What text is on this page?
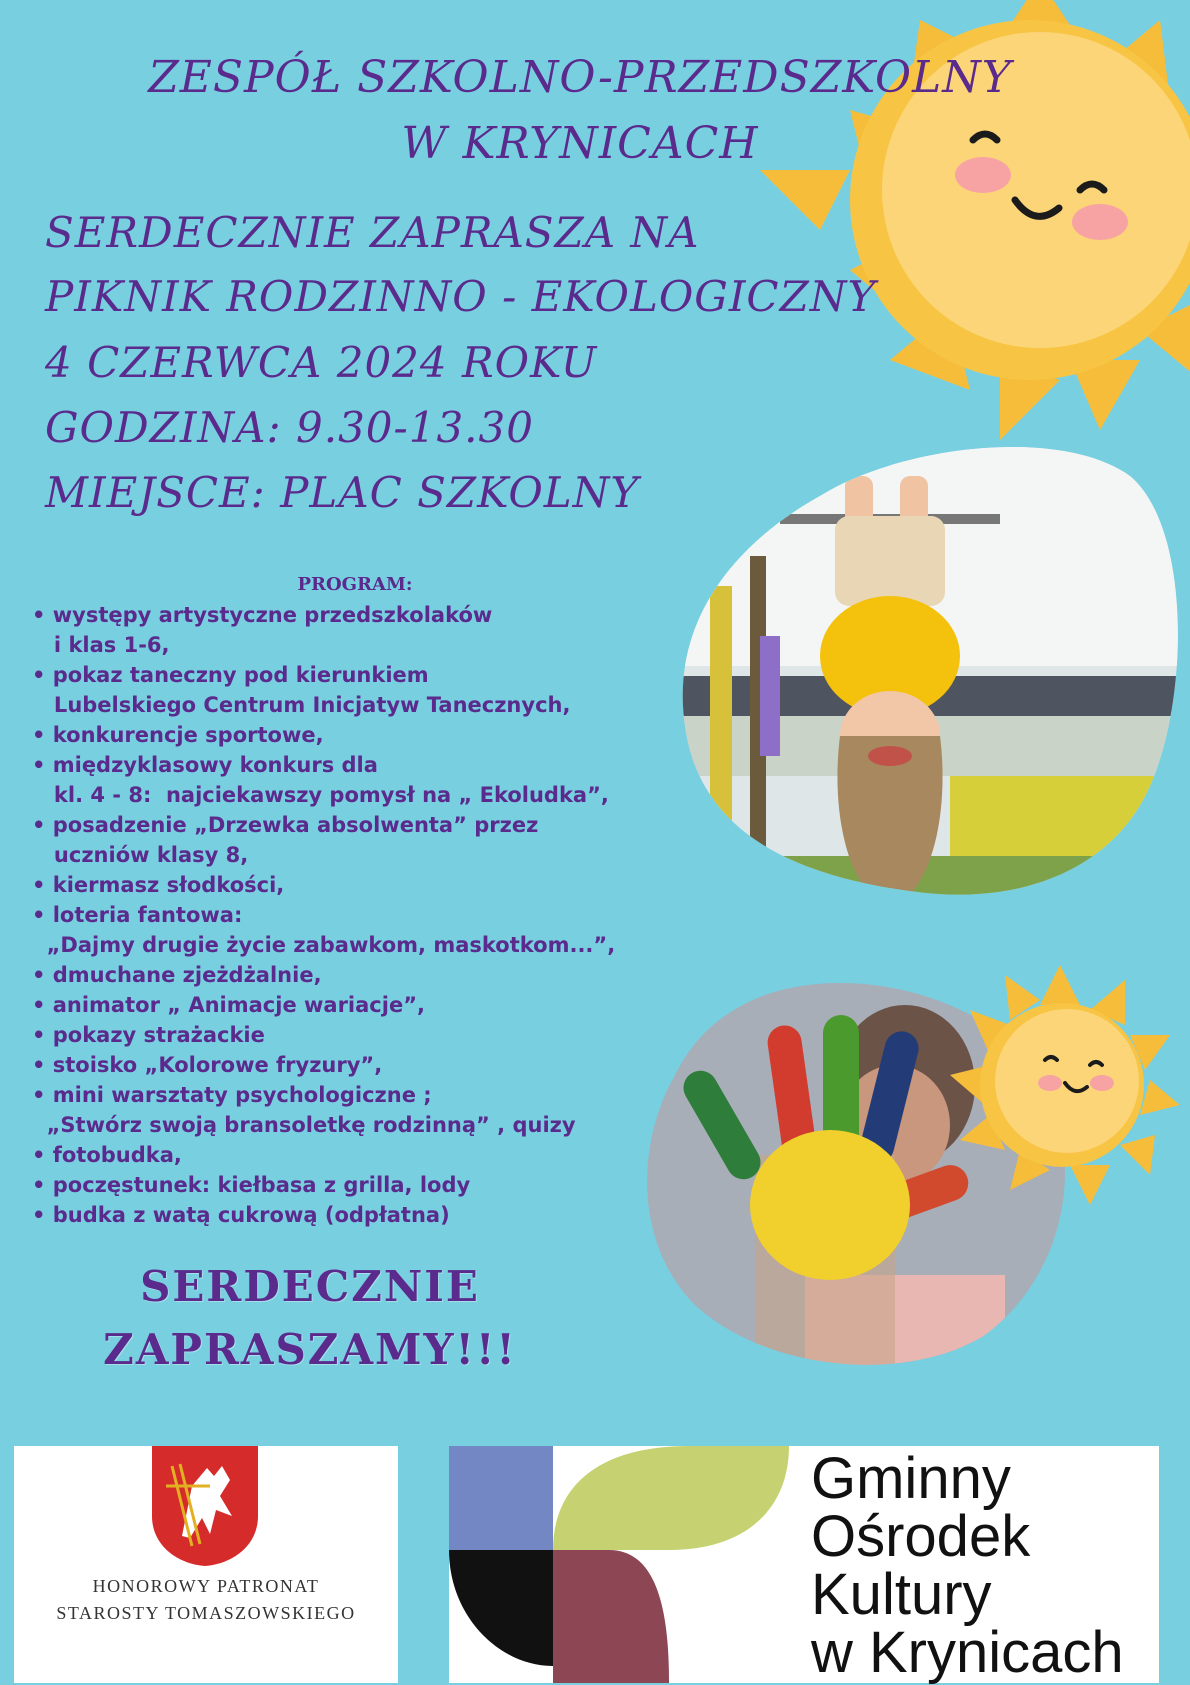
ZESPÓŁ SZKOLNO-PRZEDSZKOLNY
W KRYNICACH
SERDECZNIE ZAPRASZA NA
PIKNIK RODZINNO - EKOLOGICZNY
4 CZERWCA 2024 ROKU
GODZINA: 9.30-13.30
MIEJSCE: PLAC SZKOLNY
PROGRAM:
• występy artystyczne przedszkolaków
i klas 1-6,
• pokaz taneczny pod kierunkiem
Lubelskiego Centrum Inicjatyw Tanecznych,
• konkurencje sportowe,
• międzyklasowy konkurs dla
kl. 4 - 8:  najciekawszy pomysł na „ Ekoludka”,
• posadzenie „Drzewka absolwenta” przez
uczniów klasy 8,
• kiermasz słodkości,
• loteria fantowa:
„Dajmy drugie życie zabawkom, maskotkom...”,
• dmuchane zjeżdżalnie,
• animator „ Animacje wariacje”,
• pokazy strażackie
• stoisko „Kolorowe fryzury”,
• mini warsztaty psychologiczne ;
„Stwórz swoją bransoletkę rodzinną” , quizy
• fotobudka,
• poczęstunek: kiełbasa z grilla, lody
• budka z watą cukrową (odpłatna)
SERDECZNIE
ZAPRASZAMY!!!
HONOROWY PATRONAT
STAROSTY TOMASZOWSKIEGO
Gminny
Ośrodek
Kultury
w Krynicach
